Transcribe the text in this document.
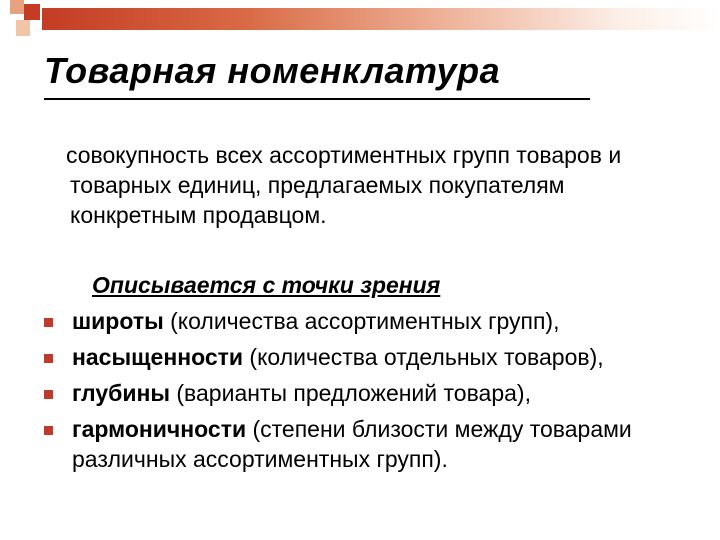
Товарная номенклатура
совокупность всех ассортиментных групп товаров и товарных единиц, предлагаемых покупателям конкретным продавцом.
Описывается с точки зрения
широты (количества ассортиментных групп),
насыщенности (количества отдельных товаров),
глубины (варианты предложений товара),
гармоничности (степени близости между товарами различных ассортиментных групп).
